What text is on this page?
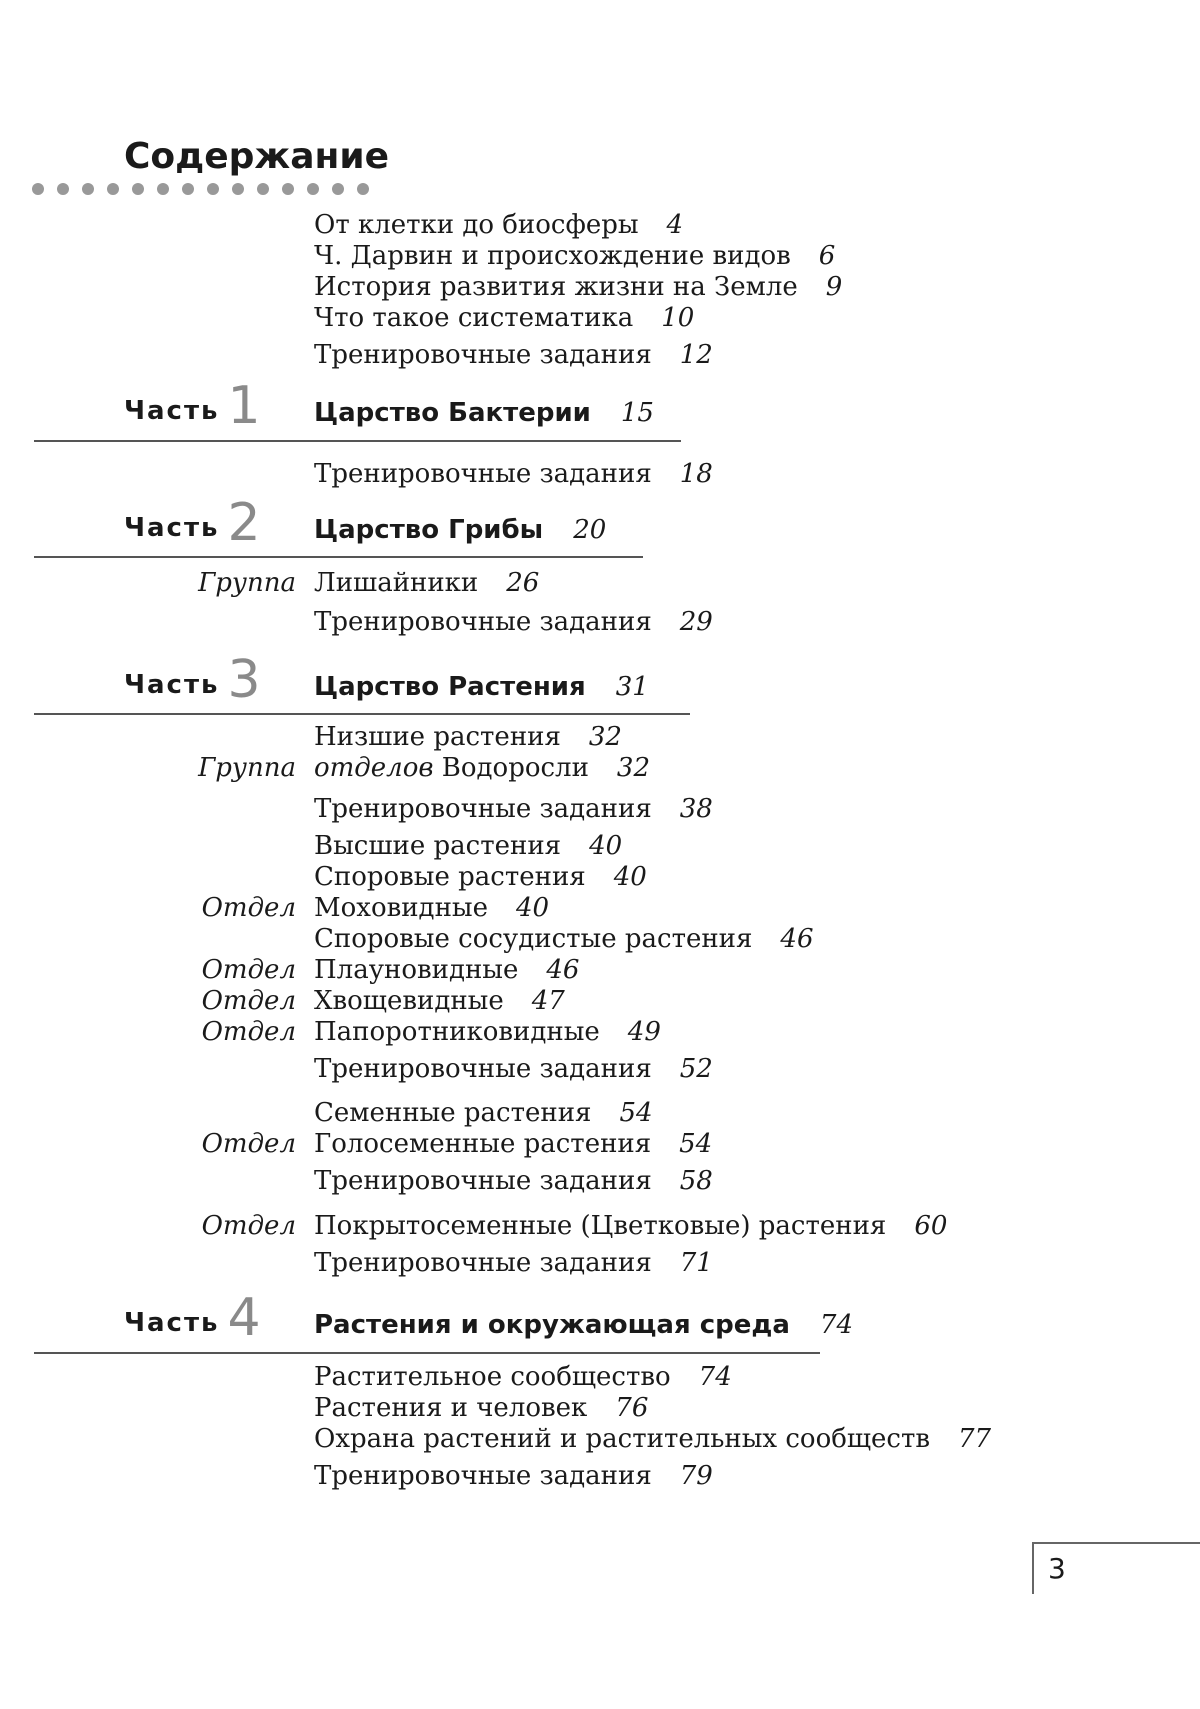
Содержание
От клетки до биосферы 4
Ч. Дарвин и происхождение видов 6
История развития жизни на Земле 9
Что такое систематика 10
Тренировочные задания 12
Часть 1 Царство Бактерии 15
Тренировочные задания 18
Часть 2 Царство Грибы 20
Группа Лишайники 26
Тренировочные задания 29
Часть 3 Царство Растения 31
Низшие растения 32
Группа отделов Водоросли 32
Тренировочные задания 38
Высшие растения 40
Споровые растения 40
Отдел Моховидные 40
Споровые сосудистые растения 46
Отдел Плауновидные 46
Отдел Хвощевидные 47
Отдел Папоротниковидные 49
Тренировочные задания 52
Семенные растения 54
Отдел Голосеменные растения 54
Тренировочные задания 58
Отдел Покрытосеменные (Цветковые) растения 60
Тренировочные задания 71
Часть 4 Растения и окружающая среда 74
Растительное сообщество 74
Растения и человек 76
Охрана растений и растительных сообществ 77
Тренировочные задания 79
3
